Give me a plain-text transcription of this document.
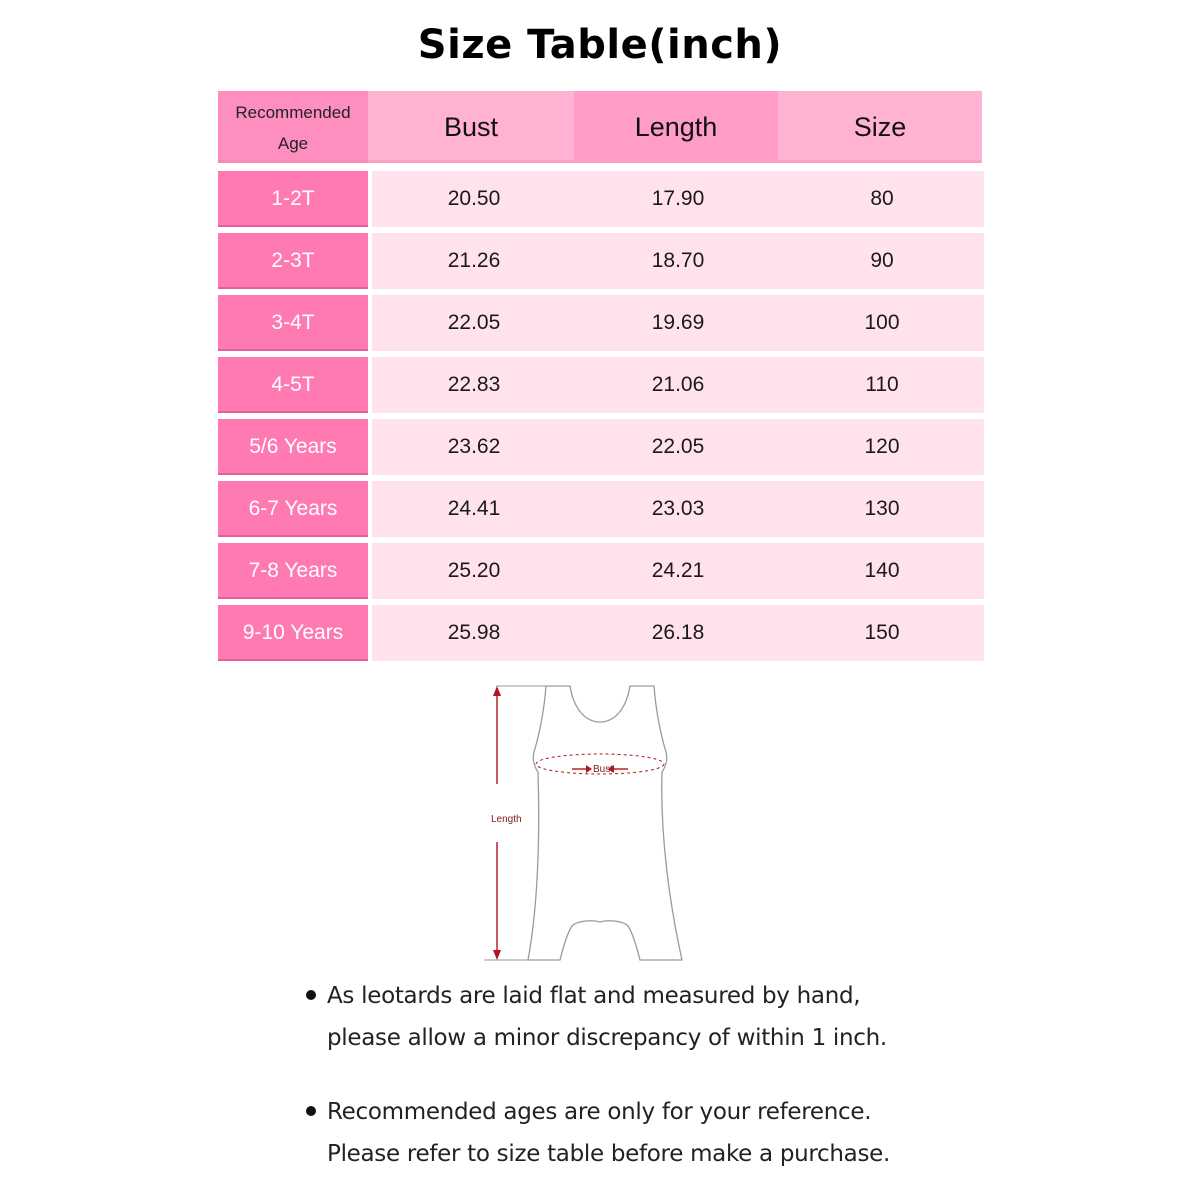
Size Table(inch)
Recommended
Age
Bust	Length	Size
1-2T	20.50	17.90	80
2-3T	21.26	18.70	90
3-4T	22.05	19.69	100
4-5T	22.83	21.06	110
5/6 Years	23.62	22.05	120
6-7 Years	24.41	23.03	130
7-8 Years	25.20	24.21	140
9-10 Years	25.98	26.18	150
Bust
Length
As leotards are laid flat and measured by hand, please allow a minor discrepancy of within 1 inch.
Recommended ages are only for your reference. Please refer to size table before make a purchase.
